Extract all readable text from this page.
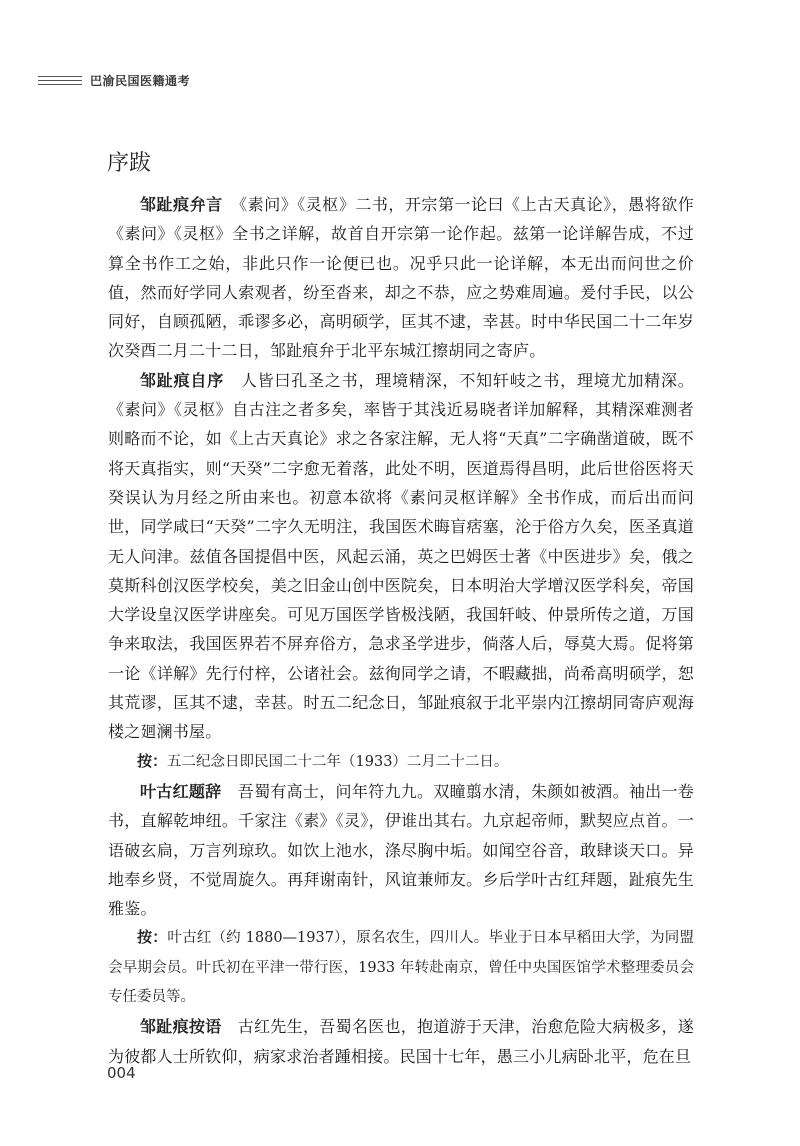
巴渝民国医籍通考
序跋

邹趾痕弁言　 《素问》《灵枢》二书，开宗第一论曰《上古天真论》，愚将欲作《素问》《灵枢》全书之详解，故首自开宗第一论作起。兹第一论详解告成，不过算全书作工之始，非此只作一论便已也。况乎只此一论详解，本无出而问世之价值，然而好学同人索观者，纷至沓来，却之不恭，应之势难周遍。爰付手民，以公同好，自顾孤陋，乖谬多必，高明硕学，匡其不逮，幸甚。时中华民国二十二年岁次癸酉二月二十二日，邹趾痕弁于北平东城江擦胡同之寄庐。

邹趾痕自序　 人皆曰孔圣之书，理境精深，不知轩岐之书，理境尤加精深。《素问》《灵枢》自古注之者多矣，率皆于其浅近易晓者详加解释，其精深难测者则略而不论，如《上古天真论》求之各家注解，无人将“天真”二字确凿道破，既不将天真指实，则“天癸”二字愈无着落，此处不明，医道焉得昌明，此后世俗医将天癸误认为月经之所由来也。初意本欲将《素问灵枢详解》全书作成，而后出而问世，同学咸曰“天癸”二字久无明注，我国医术晦盲痞塞，沦于俗方久矣，医圣真道无人问津。兹值各国提倡中医，风起云涌，英之巴姆医士著《中医进步》矣，俄之莫斯科创汉医学校矣，美之旧金山创中医院矣，日本明治大学增汉医学科矣，帝国大学设皇汉医学讲座矣。可见万国医学皆极浅陋，我国轩岐、仲景所传之道，万国争来取法，我国医界若不屏弃俗方，急求圣学进步，倘落人后，辱莫大焉。促将第一论《详解》先行付梓，公诸社会。兹徇同学之请，不暇藏拙，尚希高明硕学，恕其荒谬，匡其不逮，幸甚。时五二纪念日，邹趾痕叙于北平崇内江擦胡同寄庐观海楼之廻澜书屋。

按：五二纪念日即民国二十二年（1933）二月二十二日。

叶古红题辞　 吾蜀有高士，问年符九九。双瞳翦水清，朱颜如被酒。袖出一卷书，直解乾坤纽。千家注《素》《灵》，伊谁出其右。九京起帝师，默契应点首。一语破玄扃，万言列琼玖。如饮上池水，涤尽胸中垢。如闻空谷音，敢肆谈天口。异地奉乡贤，不觉周旋久。再拜谢南针，风谊兼师友。乡后学叶古红拜题，趾痕先生雅鉴。

按：叶古红（约 1880—1937），原名农生，四川人。毕业于日本早稻田大学，为同盟会早期会员。叶氏初在平津一带行医，1933 年转赴南京，曾任中央国医馆学术整理委员会专任委员等。

邹趾痕按语　 古红先生，吾蜀名医也，抱道游于天津，治愈危险大病极多，遂为彼都人士所钦仰，病家求治者踵相接。民国十七年，愚三小儿病卧北平，危在旦

004
